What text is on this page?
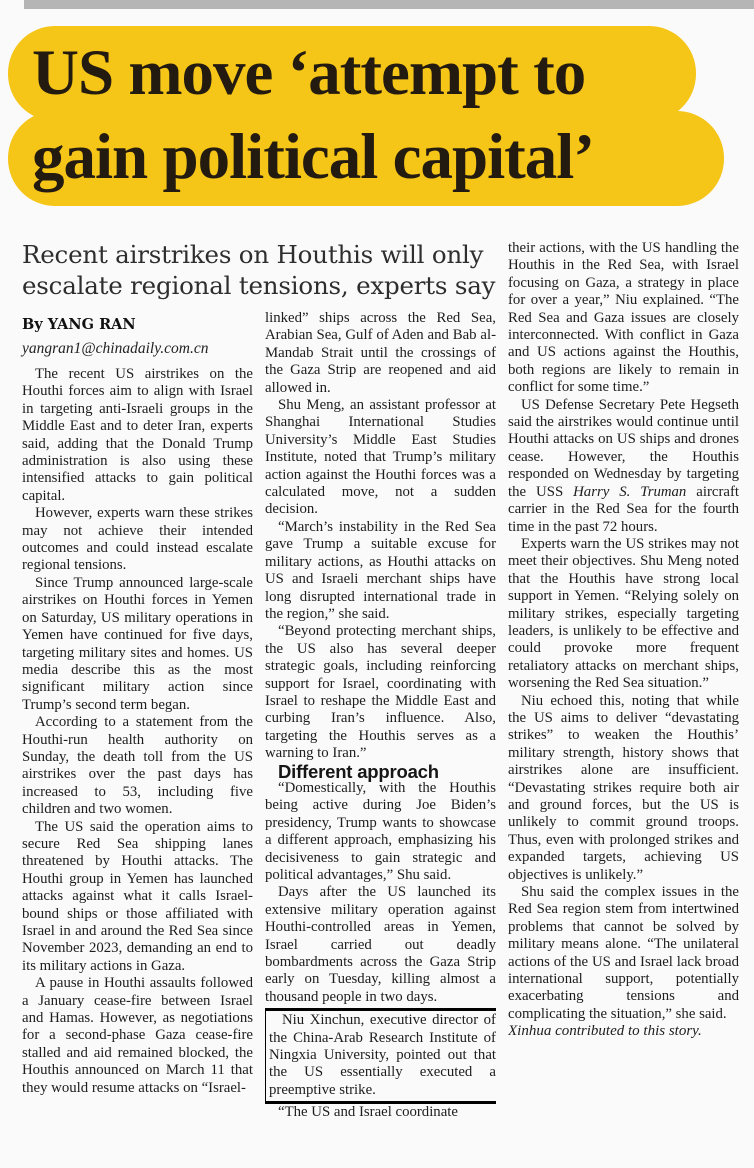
US move ‘attempt to
gain political capital’
Recent airstrikes on Houthis will only escalate regional tensions, experts say
By YANG RAN
yangran1@chinadaily.com.cn

The recent US airstrikes on the Houthi forces aim to align with Israel in targeting anti-Israeli groups in the Middle East and to deter Iran, experts said, adding that the Donald Trump administration is also using these intensified attacks to gain political capital.

However, experts warn these strikes may not achieve their intended outcomes and could instead escalate regional tensions.

Since Trump announced large-scale airstrikes on Houthi forces in Yemen on Saturday, US military operations in Yemen have continued for five days, targeting military sites and homes. US media describe this as the most significant military action since Trump’s second term began.

According to a statement from the Houthi-run health authority on Sunday, the death toll from the US airstrikes over the past days has increased to 53, including five children and two women.

The US said the operation aims to secure Red Sea shipping lanes threatened by Houthi attacks. The Houthi group in Yemen has launched attacks against what it calls Israel-bound ships or those affiliated with Israel in and around the Red Sea since November 2023, demanding an end to its military actions in Gaza.

A pause in Houthi assaults followed a January cease-fire between Israel and Hamas. However, as negotiations for a second-phase Gaza cease-fire stalled and aid remained blocked, the Houthis announced on March 11 that they would resume attacks on “Israel-

linked” ships across the Red Sea, Arabian Sea, Gulf of Aden and Bab al-Mandab Strait until the crossings of the Gaza Strip are reopened and aid allowed in.

Shu Meng, an assistant professor at Shanghai International Studies University’s Middle East Studies Institute, noted that Trump’s military action against the Houthi forces was a calculated move, not a sudden decision.

“March’s instability in the Red Sea gave Trump a suitable excuse for military actions, as Houthi attacks on US and Israeli merchant ships have long disrupted international trade in the region,” she said.

“Beyond protecting merchant ships, the US also has several deeper strategic goals, including reinforcing support for Israel, coordinating with Israel to reshape the Middle East and curbing Iran’s influence. Also, targeting the Houthis serves as a warning to Iran.”

Different approach

“Domestically, with the Houthis being active during Joe Biden’s presidency, Trump wants to showcase a different approach, emphasizing his decisiveness to gain strategic and political advantages,” Shu said.

Days after the US launched its extensive military operation against Houthi-controlled areas in Yemen, Israel carried out deadly bombardments across the Gaza Strip early on Tuesday, killing almost a thousand people in two days.

Niu Xinchun, executive director of the China-Arab Research Institute of Ningxia University, pointed out that the US essentially executed a preemptive strike.

“The US and Israel coordinate

their actions, with the US handling the Houthis in the Red Sea, with Israel focusing on Gaza, a strategy in place for over a year,” Niu explained. “The Red Sea and Gaza issues are closely interconnected. With conflict in Gaza and US actions against the Houthis, both regions are likely to remain in conflict for some time.”

US Defense Secretary Pete Hegseth said the airstrikes would continue until Houthi attacks on US ships and drones cease. However, the Houthis responded on Wednesday by targeting the USS Harry S. Truman aircraft carrier in the Red Sea for the fourth time in the past 72 hours.

Experts warn the US strikes may not meet their objectives. Shu Meng noted that the Houthis have strong local support in Yemen. “Relying solely on military strikes, especially targeting leaders, is unlikely to be effective and could provoke more frequent retaliatory attacks on merchant ships, worsening the Red Sea situation.”

Niu echoed this, noting that while the US aims to deliver “devastating strikes” to weaken the Houthis’ military strength, history shows that airstrikes alone are insufficient. “Devastating strikes require both air and ground forces, but the US is unlikely to commit ground troops. Thus, even with prolonged strikes and expanded targets, achieving US objectives is unlikely.”

Shu said the complex issues in the Red Sea region stem from intertwined problems that cannot be solved by military means alone. “The unilateral actions of the US and Israel lack broad international support, potentially exacerbating tensions and complicating the situation,” she said.

Xinhua contributed to this story.
